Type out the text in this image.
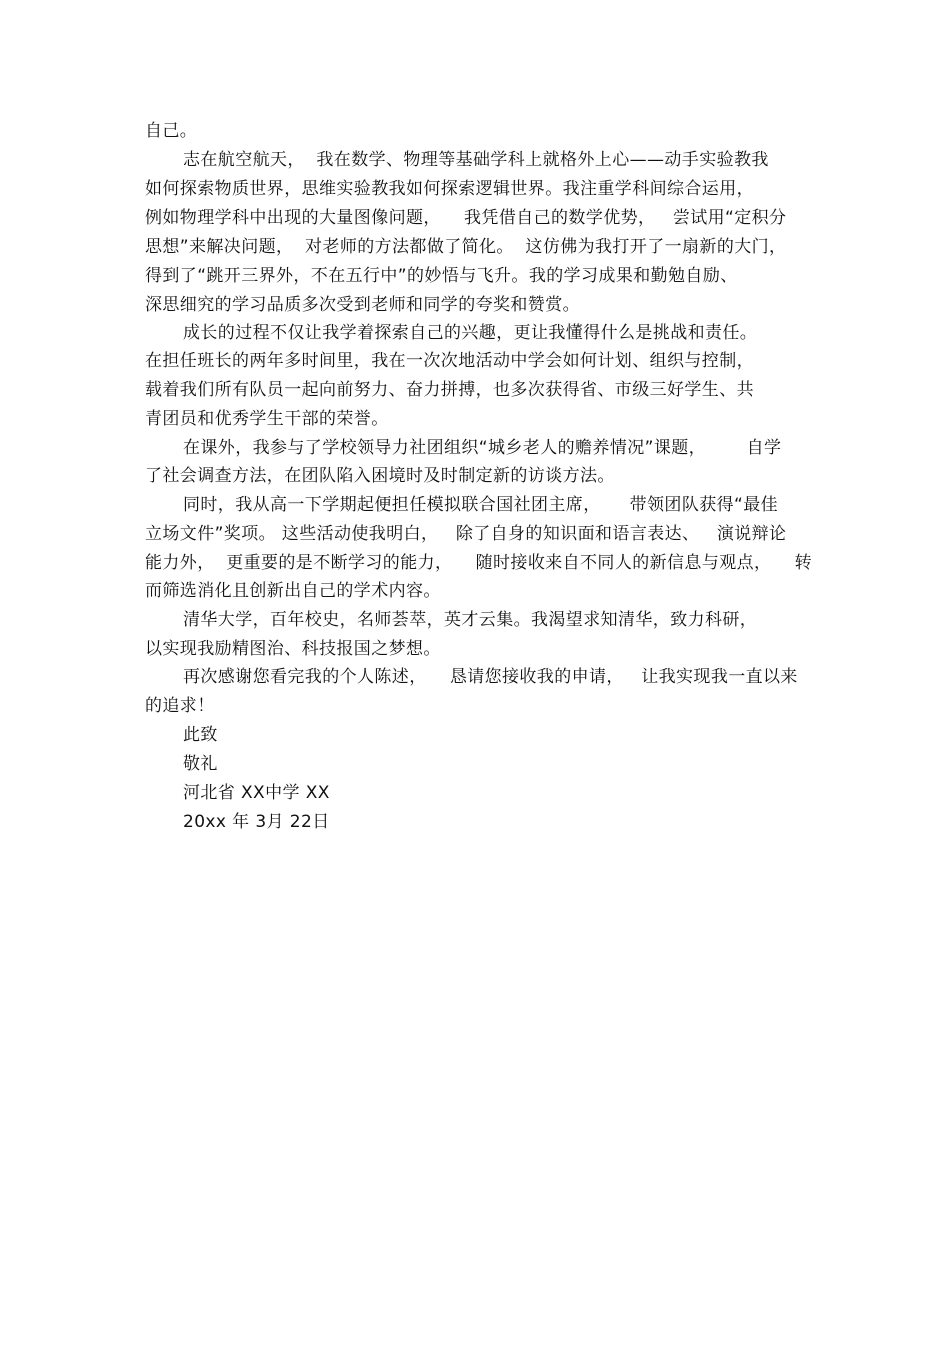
自己。
志在航空航天，  我在数学、物理等基础学科上就格外上心——动手实验教我
如何探索物质世界，思维实验教我如何探索逻辑世界。我注重学科间综合运用，
例如物理学科中出现的大量图像问题，    我凭借自己的数学优势，   尝试用“定积分
思想”来解决问题，  对老师的方法都做了简化。  这仿佛为我打开了一扇新的大门，
得到了“跳开三界外，不在五行中”的妙悟与飞升。我的学习成果和勤勉自励、
深思细究的学习品质多次受到老师和同学的夸奖和赞赏。
成长的过程不仅让我学着探索自己的兴趣，更让我懂得什么是挑战和责任。
在担任班长的两年多时间里，我在一次次地活动中学会如何计划、组织与控制，
载着我们所有队员一起向前努力、奋力拼搏，也多次获得省、市级三好学生、共
青团员和优秀学生干部的荣誉。
在课外，我参与了学校领导力社团组织“城乡老人的赡养情况”课题，       自学
了社会调查方法，在团队陷入困境时及时制定新的访谈方法。
同时，我从高一下学期起便担任模拟联合国社团主席，     带领团队获得“最佳
立场文件”奖项。 这些活动使我明白，   除了自身的知识面和语言表达、   演说辩论
能力外，  更重要的是不断学习的能力，    随时接收来自不同人的新信息与观点，    转
而筛选消化且创新出自己的学术内容。
清华大学，百年校史，名师荟萃，英才云集。我渴望求知清华，致力科研，
以实现我励精图治、科技报国之梦想。
再次感谢您看完我的个人陈述，    恳请您接收我的申请，   让我实现我一直以来
的追求！
此致
敬礼
河北省 XX中学 XX
20xx 年 3月 22日
